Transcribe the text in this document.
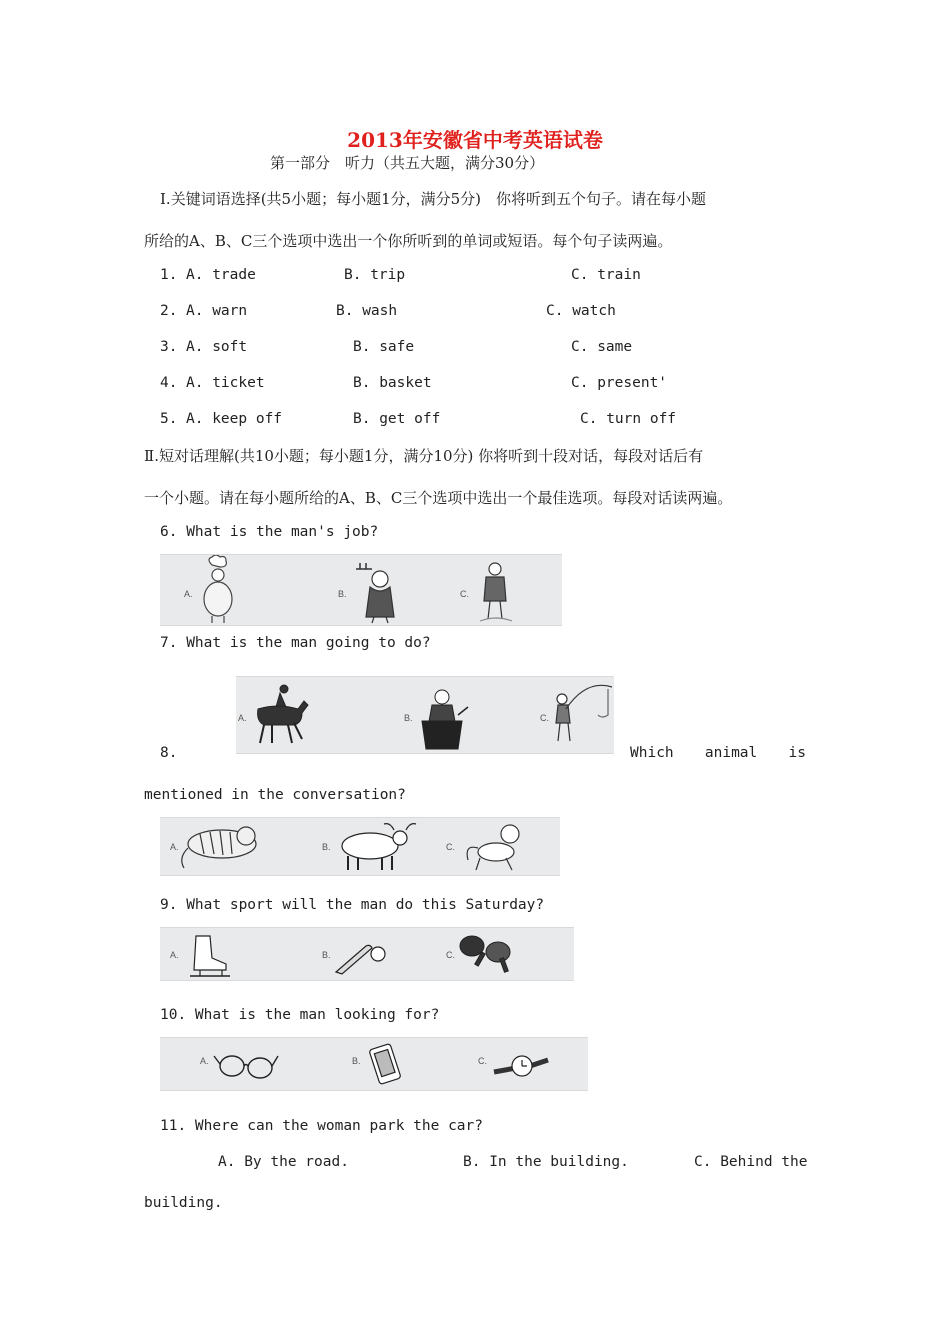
2013年安徽省中考英语试卷
第一部分　听力（共五大题，满分30分）
I.关键词语选择(共5小题；每小题1分，满分5分)　你将听到五个句子。请在每小题
所给的A、B、C三个选项中选出一个你所听到的单词或短语。每个句子读两遍。
1. A. trade	B. trip	C. train
2. A. warn	B. wash	C. watch
3. A. soft	B. safe	C. same
4. A. ticket	B. basket	C. present'
5. A. keep off	B. get off	C. turn off
Ⅱ.短对话理解(共10小题；每小题1分，满分10分) 你将听到十段对话，每段对话后有
一个小题。请在每小题所给的A、B、C三个选项中选出一个最佳选项。每段对话读两遍。
6. What is the man's job?
A.	B.	C.
7. What is the man going to do?
A.	B.	C.
8.	Which animal is
mentioned in the conversation?
A.	B.	C.
9. What sport will the man do this Saturday?
A.	B.	C.
10. What is the man looking for?
A.	B.	C.
11. Where can the woman park the car?
A. By the road.	B. In the building.	C. Behind the
building.
